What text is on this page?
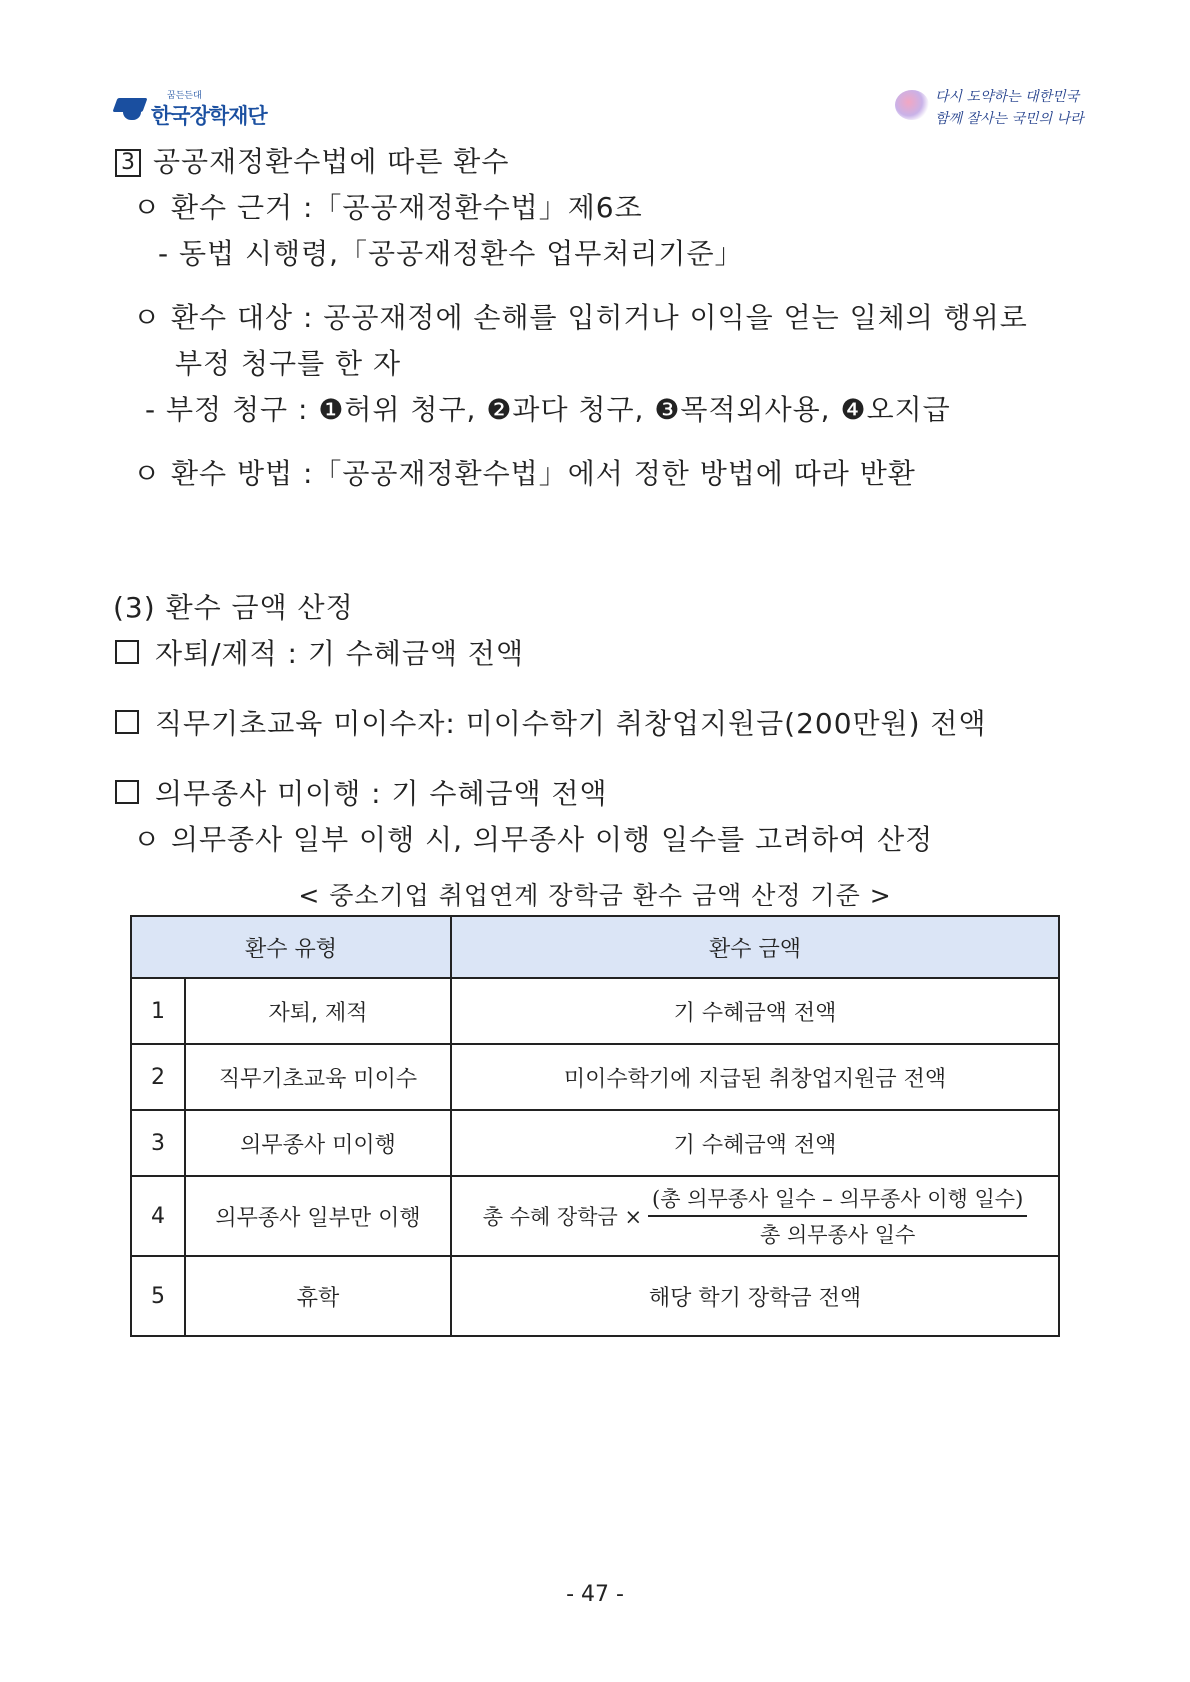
꿈든든대
한국장학재단
다시 도약하는 대한민국
함께 잘사는 국민의 나라
3 공공재정환수법에 따른 환수
ㅇ 환수 근거 :「공공재정환수법」제6조
- 동법 시행령,「공공재정환수 업무처리기준」
ㅇ 환수 대상 : 공공재정에 손해를 입히거나 이익을 얻는 일체의 행위로
부정 청구를 한 자
- 부정 청구 : ❶허위 청구, ❷과다 청구, ❸목적외사용, ❹오지급
ㅇ 환수 방법 :「공공재정환수법」에서 정한 방법에 따라 반환
(3) 환수 금액 산정
자퇴/제적 : 기 수혜금액 전액
직무기초교육 미이수자: 미이수학기 취창업지원금(200만원) 전액
의무종사 미이행 : 기 수혜금액 전액
ㅇ 의무종사 일부 이행 시, 의무종사 이행 일수를 고려하여 산정
< 중소기업 취업연계 장학금 환수 금액 산정 기준 >
환수 유형		환수 금액
1	자퇴, 제적	기 수혜금액 전액
2	직무기초교육 미이수	미이수학기에 지급된 취창업지원금 전액
3	의무종사 미이행	기 수혜금액 전액
4	의무종사 일부만 이행	총 수혜 장학금 × $\frac{\text{(총 의무종사 일수 – 의무종사 이행 일수)}}{\text{총 의무종사 일수}}$

5	휴학	해당 학기 장학금 전액
- 47 -
